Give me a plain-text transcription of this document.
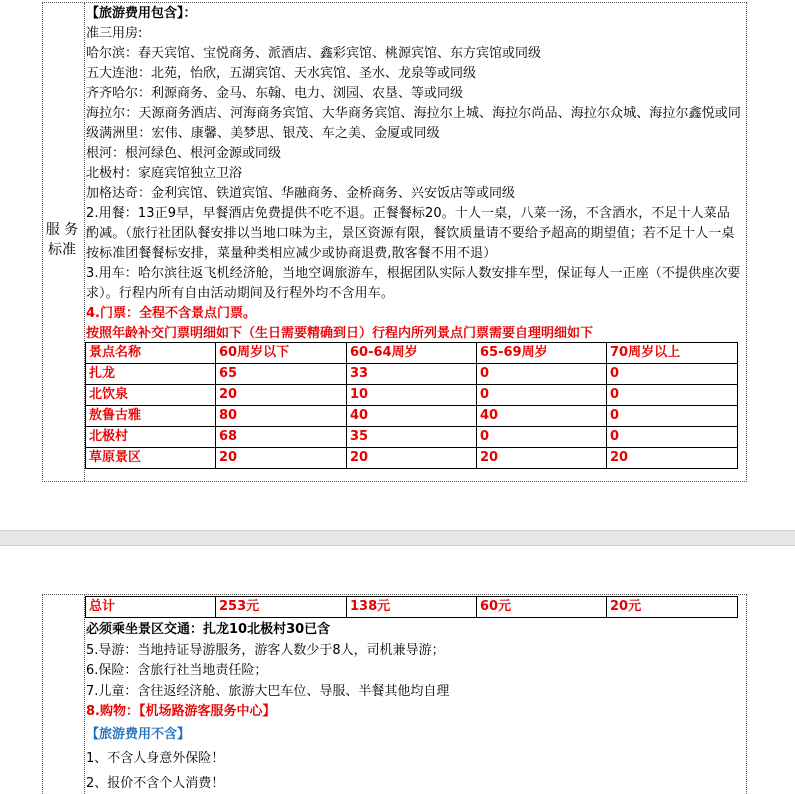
服 务
标准
【旅游费用包含】：
准三用房:
哈尔滨：春天宾馆、宝悦商务、派酒店、鑫彩宾馆、桃源宾馆、东方宾馆或同级
五大连池：北苑，怡欣，五湖宾馆、天水宾馆、圣水、龙泉等或同级
齐齐哈尔：利源商务、金马、东翰、电力、浏园、农垦、等或同级
海拉尔：天源商务酒店、河海商务宾馆、大华商务宾馆、海拉尔上城、海拉尔尚品、海拉尔众城、海拉尔鑫悦或同级满洲里：宏伟、康馨、美梦思、银茂、车之美、金厦或同级
根河：根河绿色、根河金源或同级
北极村：家庭宾馆独立卫浴
加格达奇：金利宾馆、铁道宾馆、华融商务、金桥商务、兴安饭店等或同级
2.用餐：13正9早，早餐酒店免费提供不吃不退。正餐餐标20。十人一桌，八菜一汤，不含酒水，不足十人菜品酌减。（旅行社团队餐安排以当地口味为主，景区资源有限，餐饮质量请不要给予超高的期望值；若不足十人一桌按标准团餐餐标安排，菜量种类相应减少或协商退费,散客餐不用不退）
3.用车：哈尔滨往返飞机经济舱，当地空调旅游车，根据团队实际人数安排车型，保证每人一正座（不提供座次要求）。行程内所有自由活动期间及行程外均不含用车。
4.门票：全程不含景点门票。
按照年龄补交门票明细如下（生日需要精确到日）行程内所列景点门票需要自理明细如下
景点名称	60周岁以下	60-64周岁	65-69周岁	70周岁以上
扎龙	65	33	0	0
北饮泉	20	10	0	0
敖鲁古雅	80	40	40	0
北极村	68	35	0	0
草原景区	20	20	20	20
总计	253元	138元	60元	20元
必须乘坐景区交通：扎龙10北极村30已含
5.导游：当地持证导游服务，游客人数少于8人，司机兼导游；
6.保险：含旅行社当地责任险；
7.儿童：含往返经济舱、旅游大巴车位、导服、半餐其他均自理
8.购物：【机场路游客服务中心】
【旅游费用不含】
1、不含人身意外保险！
2、报价不含个人消费！
